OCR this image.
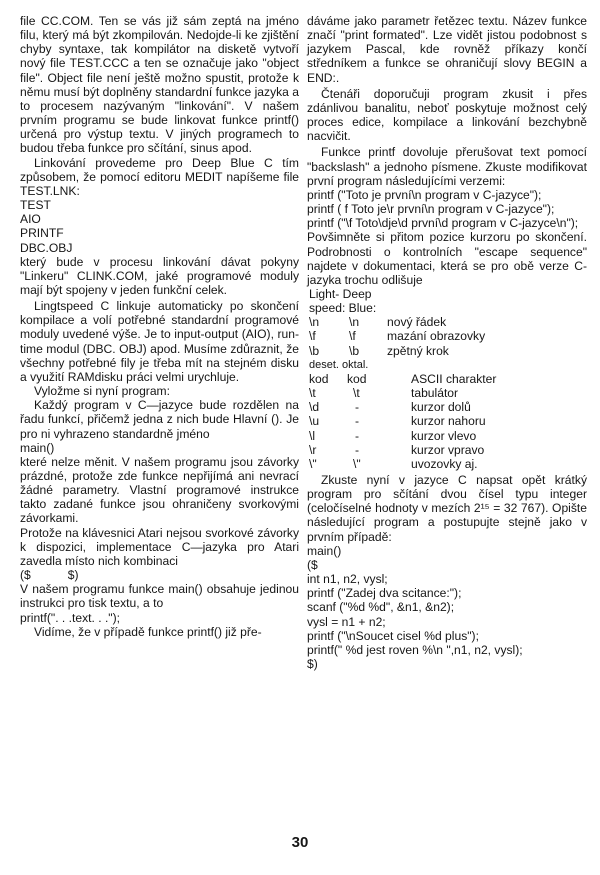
file CC.COM. Ten se vás již sám zeptá na jméno filu, který má být zkompilován. Nedojde-li ke zjištění chyby syntaxe, tak kompilátor na disketě vytvoří nový file TEST.CCC a ten se označuje jako "object file". Object file není ještě možno spustit, protože k němu musí být doplněny standardní funkce jazyka a to procesem nazývaným "linkování". V našem prvním programu se bude linkovat funkce printf() určená pro výstup textu. V jiných programech to budou třeba funkce pro sčítání, sinus apod.

Linkování provedeme pro Deep Blue C tím způsobem, že pomocí editoru MEDIT napíšeme file TEST.LNK:

TEST
AIO
PRINTF
DBC.OBJ

který bude v procesu linkování dávat pokyny "Linkeru" CLINK.COM, jaké programové moduly mají být spojeny v jeden funkční celek.

Lingtspeed C linkuje automaticky po skončení kompilace a volí potřebné standardní programové moduly uvedené výše. Je to input-output (AIO), run-time modul (DBC. OBJ) apod. Musíme zdůraznit, že všechny potřebné fily je třeba mít na stejném disku a využití RAMdisku práci velmi urychluje.

Vyložme si nyní program:

Každý program v C—jazyce bude rozdělen na řadu funkcí, přičemž jedna z nich bude Hlavní (). Je pro ni vyhrazeno standardně jméno

main()

které nelze měnit. V našem programu jsou závorky prázdné, protože zde funkce nepřijímá ani nevrací žádné parametry. Vlastní programové instrukce takto zadané funkce jsou ohraničeny svorkovými závorkami.

Protože na klávesnici Atari nejsou svorkové závorky k dispozici, implementace C—jazyka pro Atari zavedla místo nich kombinaci

($           $)

V našem programu funkce main() obsahuje jedinou instrukci pro tisk textu, a to

printf(". . .text. . .");

Vidíme, že v případě funkce printf() již pře-

dáváme jako parametr řetězec textu. Název funkce značí "print formated". Lze vidět jistou podobnost s jazykem Pascal, kde rovněž příkazy končí středníkem a funkce se ohraničují slovy BEGIN a END:.

Čtenáři doporučuji program zkusit i přes zdánlivou banalitu, neboť poskytuje možnost celý proces edice, kompilace a linkování bezchybně nacvičit.

Funkce printf dovoluje přerušovat text pomocí "backslash" a jednoho písmene. Zkuste modifikovat první program následujícími verzemi:

printf ("Toto je první\n program v C-jazyce");

printf ( f Toto je\r první\n program v C-jazyce");

printf ("\f Toto\dje\d první\d program v C-jazyce\n");

Povšimněte si přitom pozice kurzoru po skončení. Podrobnosti o kontrolních "escape sequence" najdete v dokumentaci, která se pro obě verze C-jazyka trochu odlišuje

Light- Deep
speed: Blue:
\n	\n	nový řádek
\f	\f	mazání obrazovky
\b	\b	zpětný krok
deset. oktal.
kod	kod	ASCII charakter
\t	\t	tabulátor
\d	-	kurzor dolů
\u	-	kurzor nahoru
\l	-	kurzor vlevo
\r	-	kurzor vpravo
\"	\"	uvozovky aj.

Zkuste nyní v jazyce C napsat opět krátký program pro sčítání dvou čísel typu integer (celočíselné hodnoty v mezích 2¹⁵ = 32 767). Opište následující program a postupujte stejně jako v prvním případě:

main()
($
int n1, n2, vysl;
printf ("Zadej dva scitance:");
scanf ("%d %d", &n1, &n2);
vysl = n1 + n2;
printf ("\nSoucet cisel %d plus");
printf(" %d jest roven %\n ",n1, n2, vysl);
$)
30
